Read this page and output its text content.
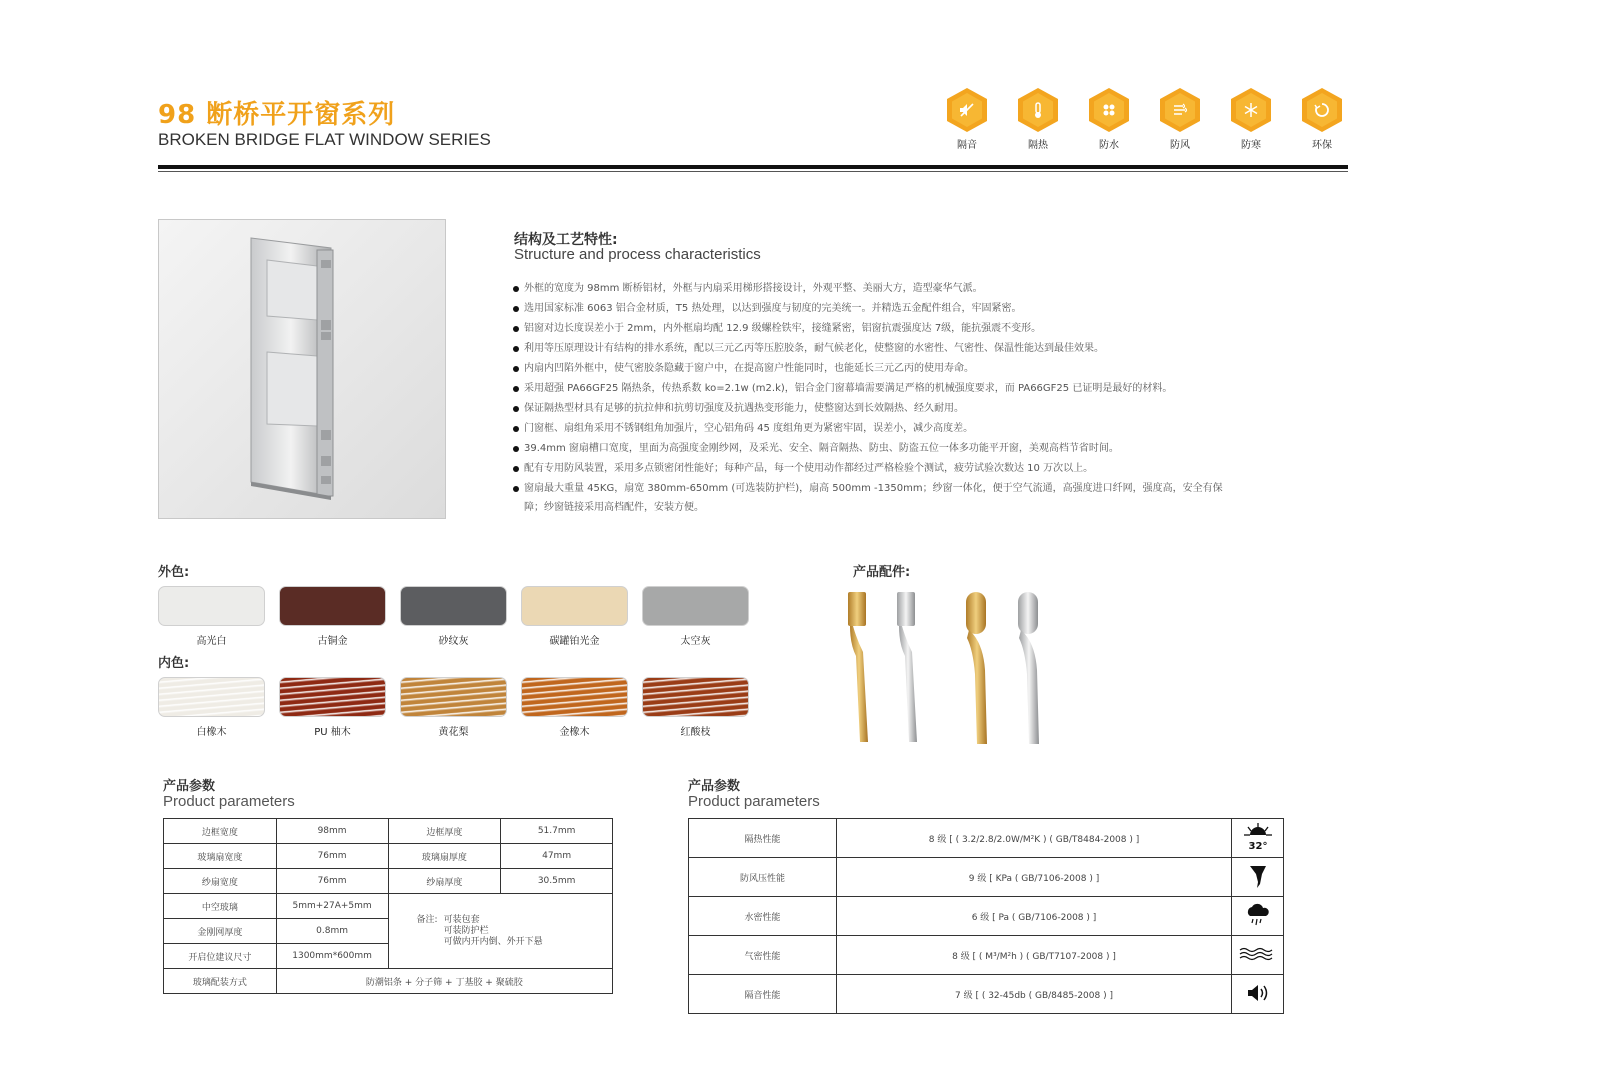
98 断桥平开窗系列
BROKEN BRIDGE FLAT WINDOW SERIES	隔音	隔热	防水	防风	防寒	环保
结构及工艺特性:
Structure and process characteristics
外框的宽度为 98mm 断桥铝材，外框与内扇采用梯形搭接设计，外观平整、美丽大方，造型豪华气派。
选用国家标准 6063 铝合金材质，T5 热处理，以达到强度与韧度的完美统一。并精选五金配件组合，牢固紧密。
铝窗对边长度误差小于 2mm，内外框扇均配 12.9 级螺栓铁牢，接缝紧密，铝窗抗震强度达 7级，能抗强震不变形。
利用等压原理设计有结构的排水系统，配以三元乙丙等压腔胶条，耐气候老化，使整窗的水密性、气密性、保温性能达到最佳效果。
内扇内凹陷外框中，使气密胶条隐藏于窗户中，在提高窗户性能同时，也能延长三元乙丙的使用寿命。
采用超强 PA66GF25 隔热条，传热系数 ko=2.1w (m2.k)，铝合金门窗幕墙需要满足严格的机械强度要求，而 PA66GF25 已证明是最好的材料。
保证隔热型材具有足够的抗拉伸和抗剪切强度及抗遇热变形能力，使整窗达到长效隔热、经久耐用。
门窗框、扇组角采用不锈钢组角加强片，空心铝角码 45 度组角更为紧密牢固，误差小，减少高度差。
39.4mm 窗扇槽口宽度，里面为高强度金刚纱网，及采光、安全、隔音隔热、防虫、防盗五位一体多功能平开窗，美观高档节省时间。
配有专用防风装置，采用多点锁密闭性能好；每种产品，每一个使用动作都经过严格检验个测试，疲劳试验次数达 10 万次以上。
窗扇最大重量 45KG，扇宽 380mm-650mm (可选装防护栏)，扇高 500mm -1350mm；纱窗一体化，便于空气流通，高强度进口纤网，强度高，安全有保障；纱窗链接采用高档配件，安装方便。
外色:
高光白	古铜金	砂纹灰	碳罐铂光金	太空灰
内色:
白橡木	PU 柚木	黄花梨	金橡木	红酸枝
产品配件:
产品参数
Product parameters
边框宽度	98mm	边框厚度	51.7mm
玻璃扇宽度	76mm	玻璃扇厚度	47mm
纱扇宽度	76mm	纱扇厚度	30.5mm
中空玻璃	5mm+27A+5mm	备注: 可装包套
可装防护栏
可做内开内倒、外开下悬	

金刚网厚度	0.8mm		
开启位建议尺寸	1300mm*600mm		
玻璃配装方式	防潮铝条 + 分子筛 + 丁基胶 + 聚硫胶		
产品参数
Product parameters
隔热性能	8 级 [ ( 3.2/2.8/2.0W/M²K ) ( GB/T8484-2008 ) ]	32°

防风压性能	9 级 [ KPa ( GB/7106-2008 ) ]	
水密性能	6 级 [ Pa ( GB/7106-2008 ) ]	
气密性能	8 级 [ ( M³/M²h ) ( GB/T7107-2008 ) ]	
隔音性能	7 级 [ ( 32-45db ( GB/8485-2008 ) ]	
